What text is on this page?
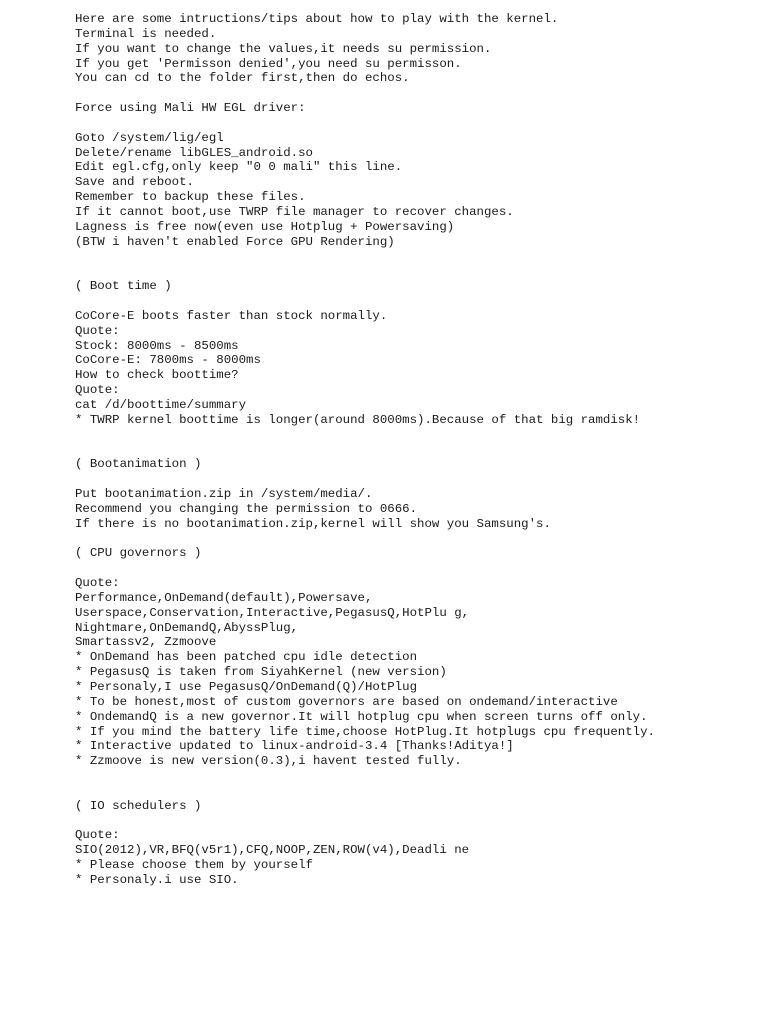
Here are some intructions/tips about how to play with the kernel.
Terminal is needed.
If you want to change the values,it needs su permission.
If you get 'Permisson denied',you need su permisson.
You can cd to the folder first,then do echos.
Force using Mali HW EGL driver:
Goto /system/lig/egl
Delete/rename libGLES_android.so
Edit egl.cfg,only keep "0 0 mali" this line.
Save and reboot.
Remember to backup these files.
If it cannot boot,use TWRP file manager to recover changes.
Lagness is free now(even use Hotplug + Powersaving)
(BTW i haven't enabled Force GPU Rendering)
( Boot time )
CoCore-E boots faster than stock normally.
Quote:
Stock: 8000ms - 8500ms
CoCore-E: 7800ms - 8000ms
How to check boottime?
Quote:
cat /d/boottime/summary
* TWRP kernel boottime is longer(around 8000ms).Because of that big ramdisk!
( Bootanimation )
Put bootanimation.zip in /system/media/.
Recommend you changing the permission to 0666.
If there is no bootanimation.zip,kernel will show you Samsung's.
( CPU governors )
Quote:
Performance,OnDemand(default),Powersave,
Userspace,Conservation,Interactive,PegasusQ,HotPlu g,
Nightmare,OnDemandQ,AbyssPlug,
Smartassv2, Zzmoove
* OnDemand has been patched cpu idle detection
* PegasusQ is taken from SiyahKernel (new version)
* Personaly,I use PegasusQ/OnDemand(Q)/HotPlug
* To be honest,most of custom governors are based on ondemand/interactive
* OndemandQ is a new governor.It will hotplug cpu when screen turns off only.
* If you mind the battery life time,choose HotPlug.It hotplugs cpu frequently.
* Interactive updated to linux-android-3.4 [Thanks!Aditya!]
* Zzmoove is new version(0.3),i havent tested fully.
( IO schedulers )
Quote:
SIO(2012),VR,BFQ(v5r1),CFQ,NOOP,ZEN,ROW(v4),Deadli ne
* Please choose them by yourself
* Personaly.i use SIO.
